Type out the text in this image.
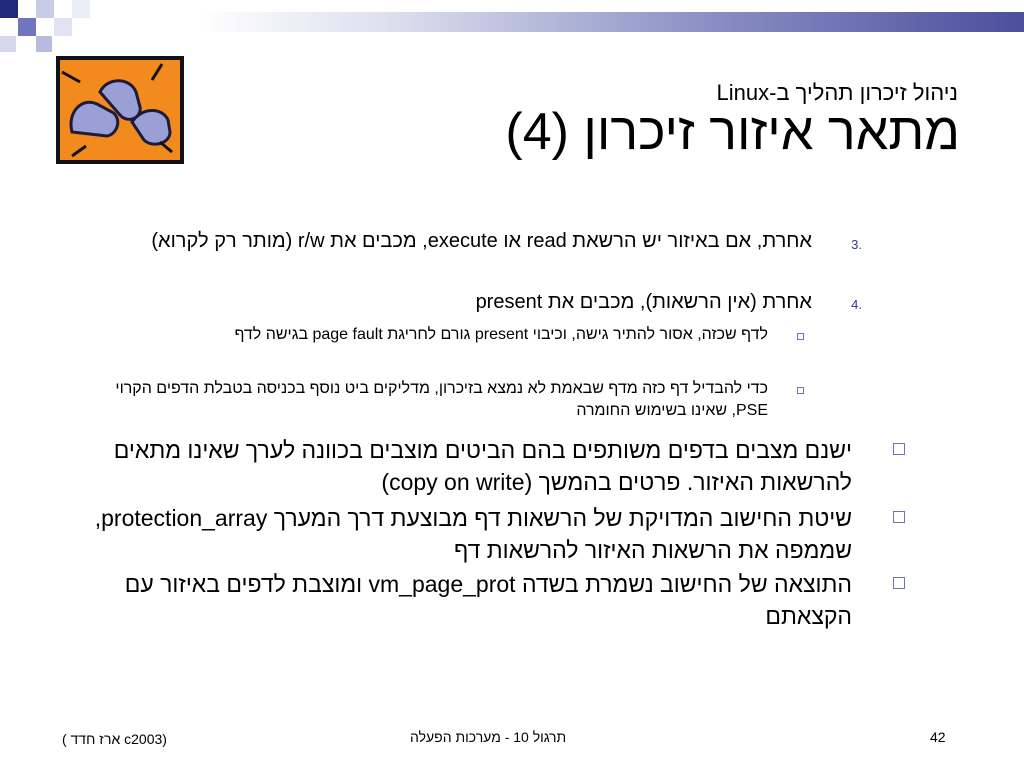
ניהול זיכרון תהליך ב-Linux
מתאר איזור זיכרון (4)
3.
אחרת, אם באיזור יש הרשאת read או execute, מכבים את r/w (מותר רק לקרוא)
4.
אחרת (אין הרשאות), מכבים את present
לדף שכזה, אסור להתיר גישה, וכיבוי present גורם לחריגת page fault בגישה לדף
כדי להבדיל דף כזה מדף שבאמת לא נמצא בזיכרון, מדליקים ביט נוסף בכניסה בטבלת הדפים הקרוי PSE, שאינו בשימוש החומרה
ישנם מצבים בדפים משותפים בהם הביטים מוצבים בכוונה לערך שאינו מתאים להרשאות האיזור. פרטים בהמשך (copy on write)
שיטת החישוב המדויקת של הרשאות דף מבוצעת דרך המערך protection_array, שממפה את הרשאות האיזור להרשאות דף
התוצאה של החישוב נשמרת בשדה vm_page_prot ומוצבת לדפים באיזור עם הקצאתם
42
תרגול 10 - מערכות הפעלה
(c2003 ארז חדד )
